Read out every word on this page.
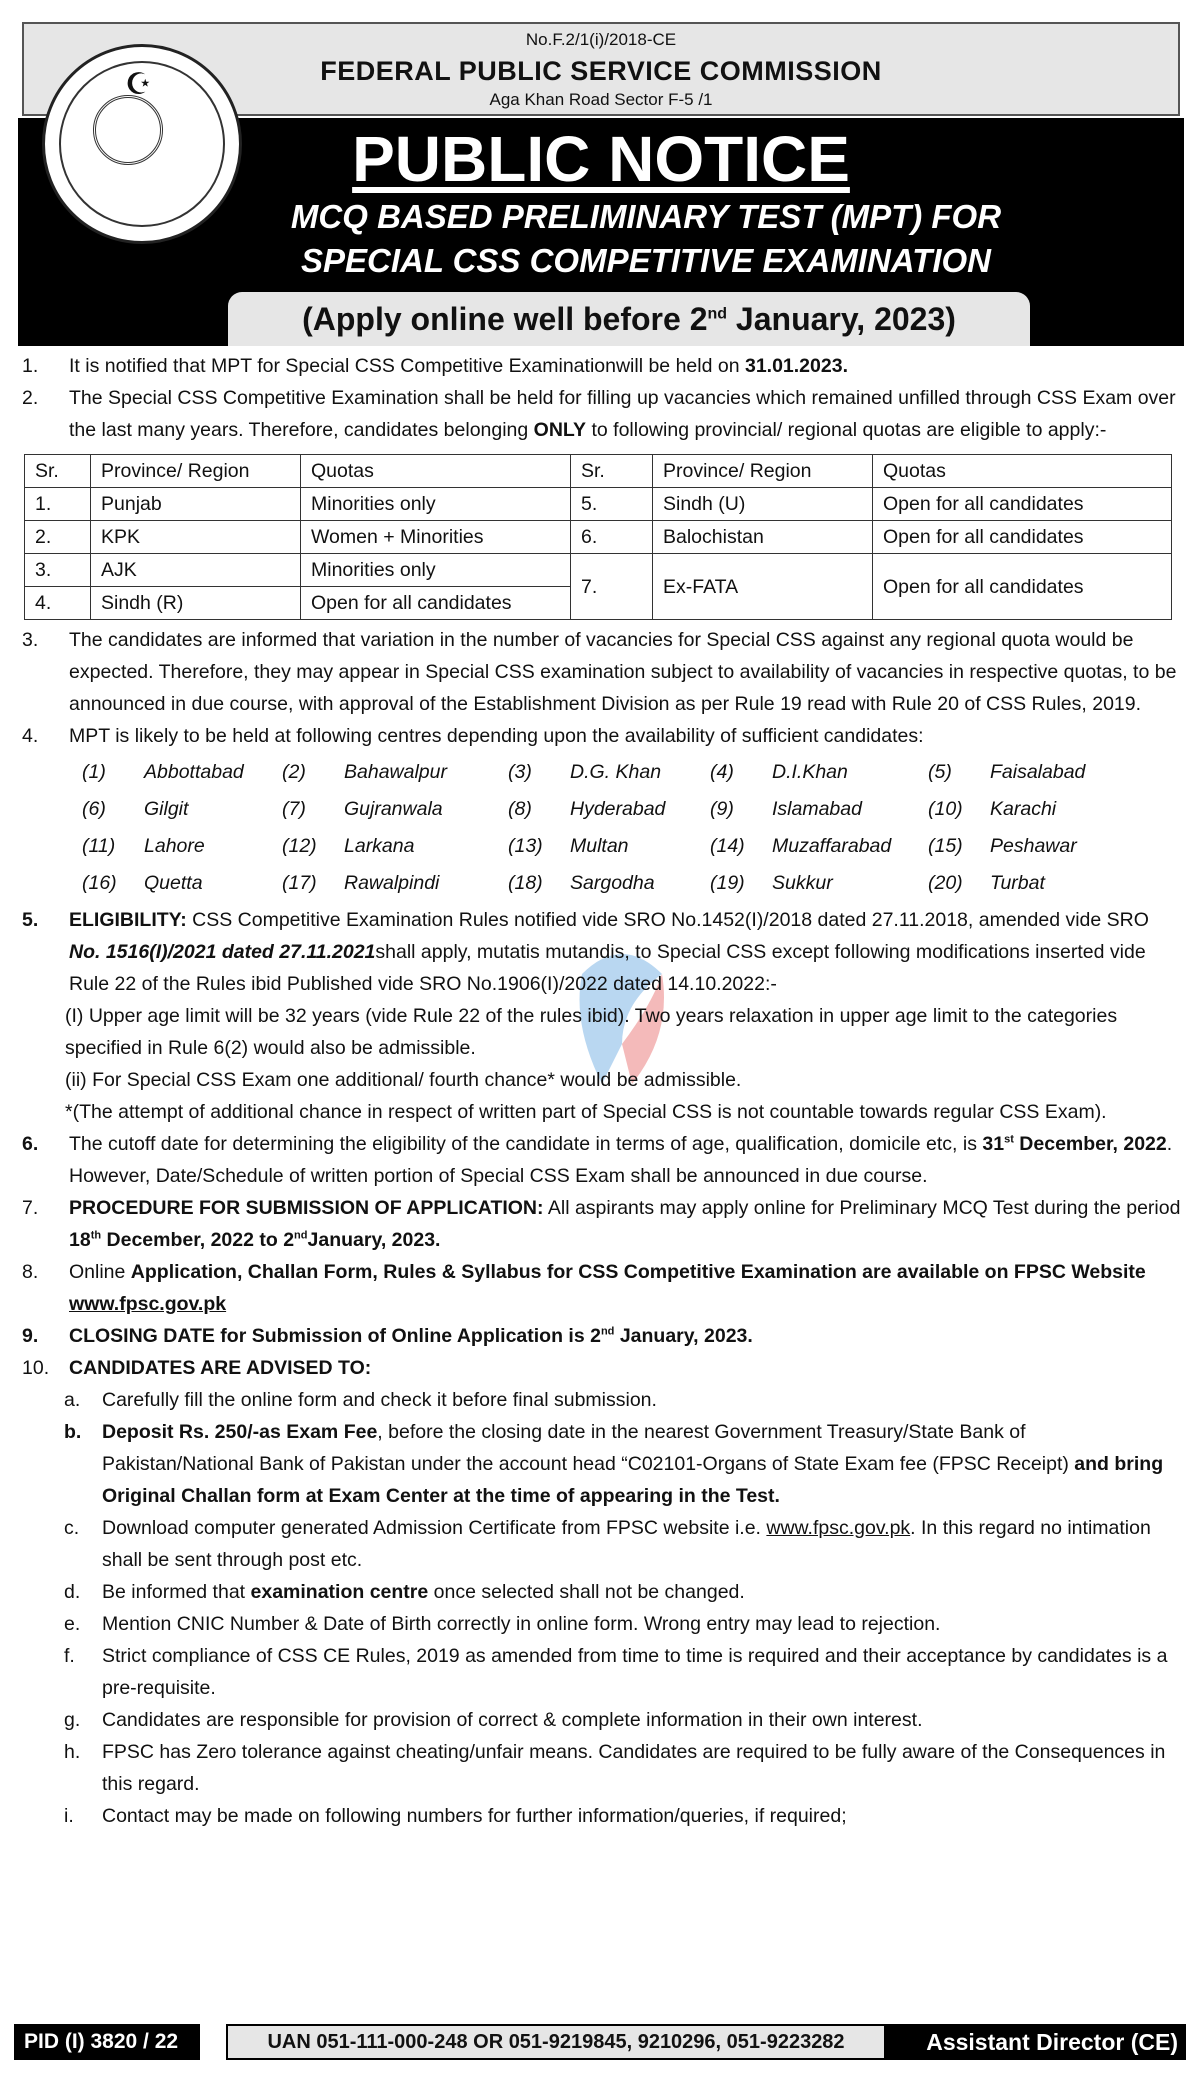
No.F.2/1(i)/2018-CE
FEDERAL PUBLIC SERVICE COMMISSION
Aga Khan Road Sector F-5 /1
PUBLIC NOTICE
MCQ BASED PRELIMINARY TEST (MPT) FOR
SPECIAL CSS COMPETITIVE EXAMINATION
(Apply online well before 2nd January, 2023)
☪
1. It is notified that MPT for Special CSS Competitive Examinationwill be held on 31.01.2023.
2. The Special CSS Competitive Examination shall be held for filling up vacancies which remained unfilled through CSS Exam over the last many years. Therefore, candidates belonging ONLY to following provincial/ regional quotas are eligible to apply:-
Sr.	Province/ Region	Quotas	Sr.	Province/ Region	Quotas
1.	Punjab	Minorities only	5.	Sindh (U)	Open for all candidates
2.	KPK	Women + Minorities	6.	Balochistan	Open for all candidates
3.	AJK	Minorities only	7.	Ex-FATA	Open for all candidates
4.	Sindh (R)	Open for all candidates			
3. The candidates are informed that variation in the number of vacancies for Special CSS against any regional quota would be expected. Therefore, they may appear in Special CSS examination subject to availability of vacancies in respective quotas, to be announced in due course, with approval of the Establishment Division as per Rule 19 read with Rule 20 of CSS Rules, 2019.
4. MPT is likely to be held at following centres depending upon the availability of sufficient candidates:
(1)	Abbottabad	(2)	Bahawalpur	(3)	D.G. Khan	(4)	D.I.Khan	(5)	Faisalabad
(6)	Gilgit	(7)	Gujranwala	(8)	Hyderabad	(9)	Islamabad	(10)	Karachi
(11)	Lahore	(12)	Larkana	(13)	Multan	(14)	Muzaffarabad	(15)	Peshawar
(16)	Quetta	(17)	Rawalpindi	(18)	Sargodha	(19)	Sukkur	(20)	Turbat
5. ELIGIBILITY: CSS Competitive Examination Rules notified vide SRO No.1452(I)/2018 dated 27.11.2018, amended vide SRO No. 1516(I)/2021 dated 27.11.2021shall apply, mutatis mutandis, to Special CSS except following modifications inserted vide Rule 22 of the Rules ibid Published vide SRO No.1906(I)/2022 dated 14.10.2022:-
(I) Upper age limit will be 32 years (vide Rule 22 of the rules ibid). Two years relaxation in upper age limit to the categories specified in Rule 6(2) would also be admissible.
(ii) For Special CSS Exam one additional/ fourth chance* would be admissible.
*(The attempt of additional chance in respect of written part of Special CSS is not countable towards regular CSS Exam).
6. The cutoff date for determining the eligibility of the candidate in terms of age, qualification, domicile etc, is 31st December, 2022. However, Date/Schedule of written portion of Special CSS Exam shall be announced in due course.
7. PROCEDURE FOR SUBMISSION OF APPLICATION: All aspirants may apply online for Preliminary MCQ Test during the period 18th December, 2022 to 2ndJanuary, 2023.
8. Online Application, Challan Form, Rules & Syllabus for CSS Competitive Examination are available on FPSC Website www.fpsc.gov.pk
9. CLOSING DATE for Submission of Online Application is 2nd January, 2023.
10. CANDIDATES ARE ADVISED TO:
a. Carefully fill the online form and check it before final submission.
b. Deposit Rs. 250/-as Exam Fee, before the closing date in the nearest Government Treasury/State Bank of Pakistan/National Bank of Pakistan under the account head “C02101-Organs of State Exam fee (FPSC Receipt) and bring Original Challan form at Exam Center at the time of appearing in the Test.
c. Download computer generated Admission Certificate from FPSC website i.e. www.fpsc.gov.pk. In this regard no intimation shall be sent through post etc.
d. Be informed that examination centre once selected shall not be changed.
e. Mention CNIC Number & Date of Birth correctly in online form. Wrong entry may lead to rejection.
f. Strict compliance of CSS CE Rules, 2019 as amended from time to time is required and their acceptance by candidates is a pre-requisite.
g. Candidates are responsible for provision of correct & complete information in their own interest.
h. FPSC has Zero tolerance against cheating/unfair means. Candidates are required to be fully aware of the Consequences in this regard.
i. Contact may be made on following numbers for further information/queries, if required;
PID (I) 3820 / 22	UAN 051-111-000-248 OR 051-9219845, 9210296, 051-9223282	Assistant Director (CE)
